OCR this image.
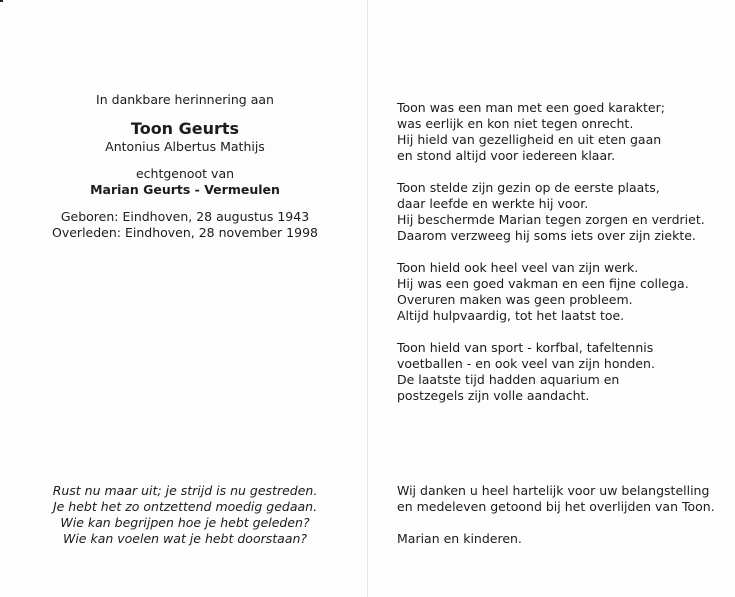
In dankbare herinnering aan
Toon Geurts
Antonius Albertus Mathijs
echtgenoot van
Marian Geurts - Vermeulen
Geboren: Eindhoven, 28 augustus 1943
Overleden: Eindhoven, 28 november 1998
Rust nu maar uit; je strijd is nu gestreden.
Je hebt het zo ontzettend moedig gedaan.
Wie kan begrijpen hoe je hebt geleden?
Wie kan voelen wat je hebt doorstaan?
Toon was een man met een goed karakter;
was eerlijk en kon niet tegen onrecht.
Hij hield van gezelligheid en uit eten gaan
en stond altijd voor iedereen klaar.
Toon stelde zijn gezin op de eerste plaats,
daar leefde en werkte hij voor.
Hij beschermde Marian tegen zorgen en verdriet.
Daarom verzweeg hij soms iets over zijn ziekte.
Toon hield ook heel veel van zijn werk.
Hij was een goed vakman en een fijne collega.
Overuren maken was geen probleem.
Altijd hulpvaardig, tot het laatst toe.
Toon hield van sport - korfbal, tafeltennis
voetballen - en ook veel van zijn honden.
De laatste tijd hadden aquarium en
postzegels zijn volle aandacht.
Wij danken u heel hartelijk voor uw belangstelling
en medeleven getoond bij het overlijden van Toon.
Marian en kinderen.
